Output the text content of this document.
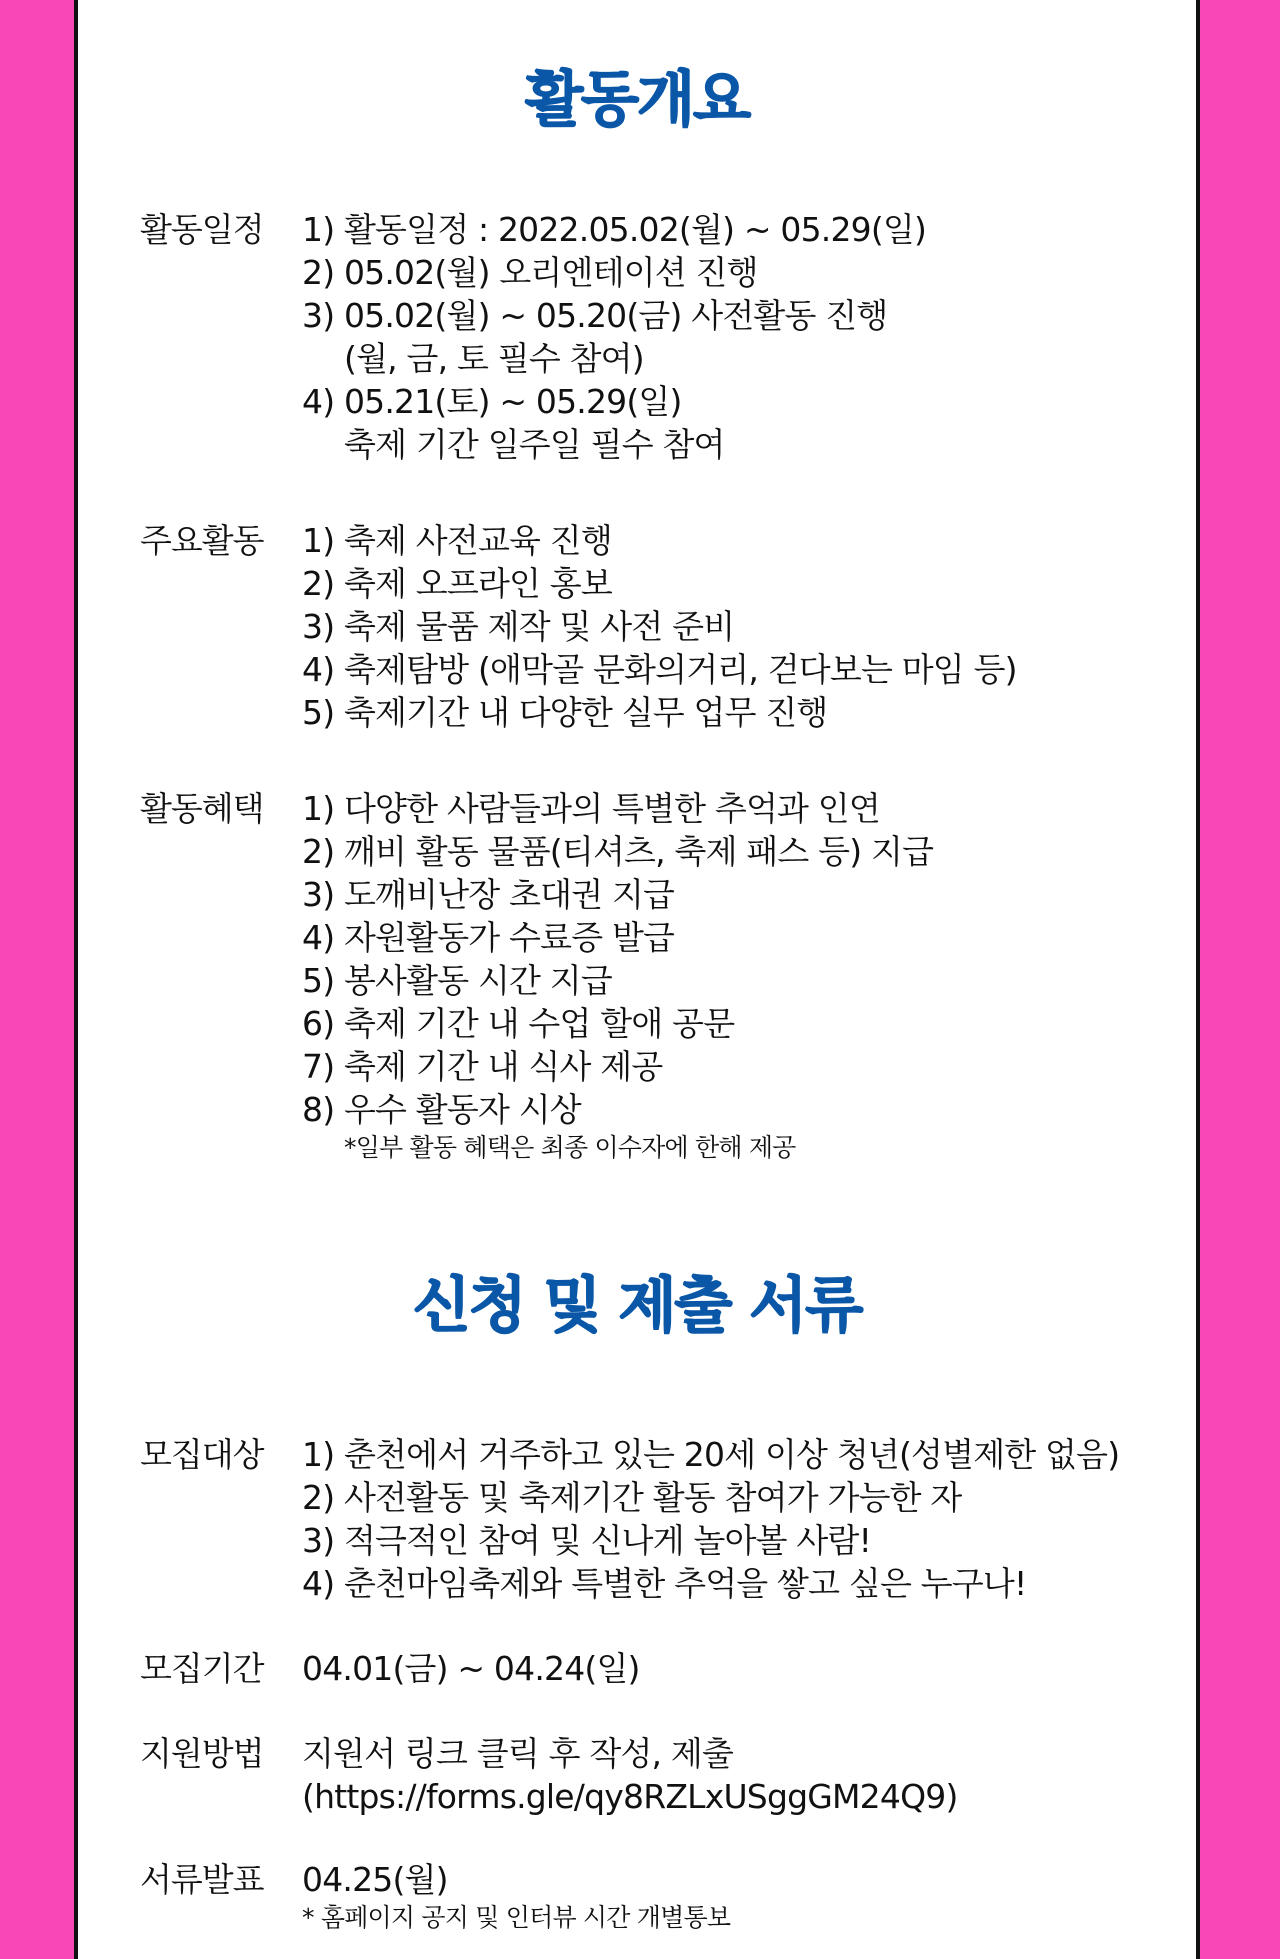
활동개요
활동일정 1) 활동일정 : 2022.05.02(월) ~ 05.29(일)
2) 05.02(월) 오리엔테이션 진행
3) 05.02(월) ~ 05.20(금) 사전활동 진행
(월, 금, 토 필수 참여)
4) 05.21(토) ~ 05.29(일)
축제 기간 일주일 필수 참여
주요활동 1) 축제 사전교육 진행
2) 축제 오프라인 홍보
3) 축제 물품 제작 및 사전 준비
4) 축제탐방 (애막골 문화의거리, 걷다보는 마임 등)
5) 축제기간 내 다양한 실무 업무 진행
활동혜택 1) 다양한 사람들과의 특별한 추억과 인연
2) 깨비 활동 물품(티셔츠, 축제 패스 등) 지급
3) 도깨비난장 초대권 지급
4) 자원활동가 수료증 발급
5) 봉사활동 시간 지급
6) 축제 기간 내 수업 할애 공문
7) 축제 기간 내 식사 제공
8) 우수 활동자 시상
*일부 활동 혜택은 최종 이수자에 한해 제공
신청 및 제출 서류
모집대상 1) 춘천에서 거주하고 있는 20세 이상 청년(성별제한 없음)
2) 사전활동 및 축제기간 활동 참여가 가능한 자
3) 적극적인 참여 및 신나게 놀아볼 사람!
4) 춘천마임축제와 특별한 추억을 쌓고 싶은 누구나!
모집기간 04.01(금) ~ 04.24(일)
지원방법 지원서 링크 클릭 후 작성, 제출
(https://forms.gle/qy8RZLxUSggGM24Q9)
서류발표 04.25(월)
* 홈페이지 공지 및 인터뷰 시간 개별통보
